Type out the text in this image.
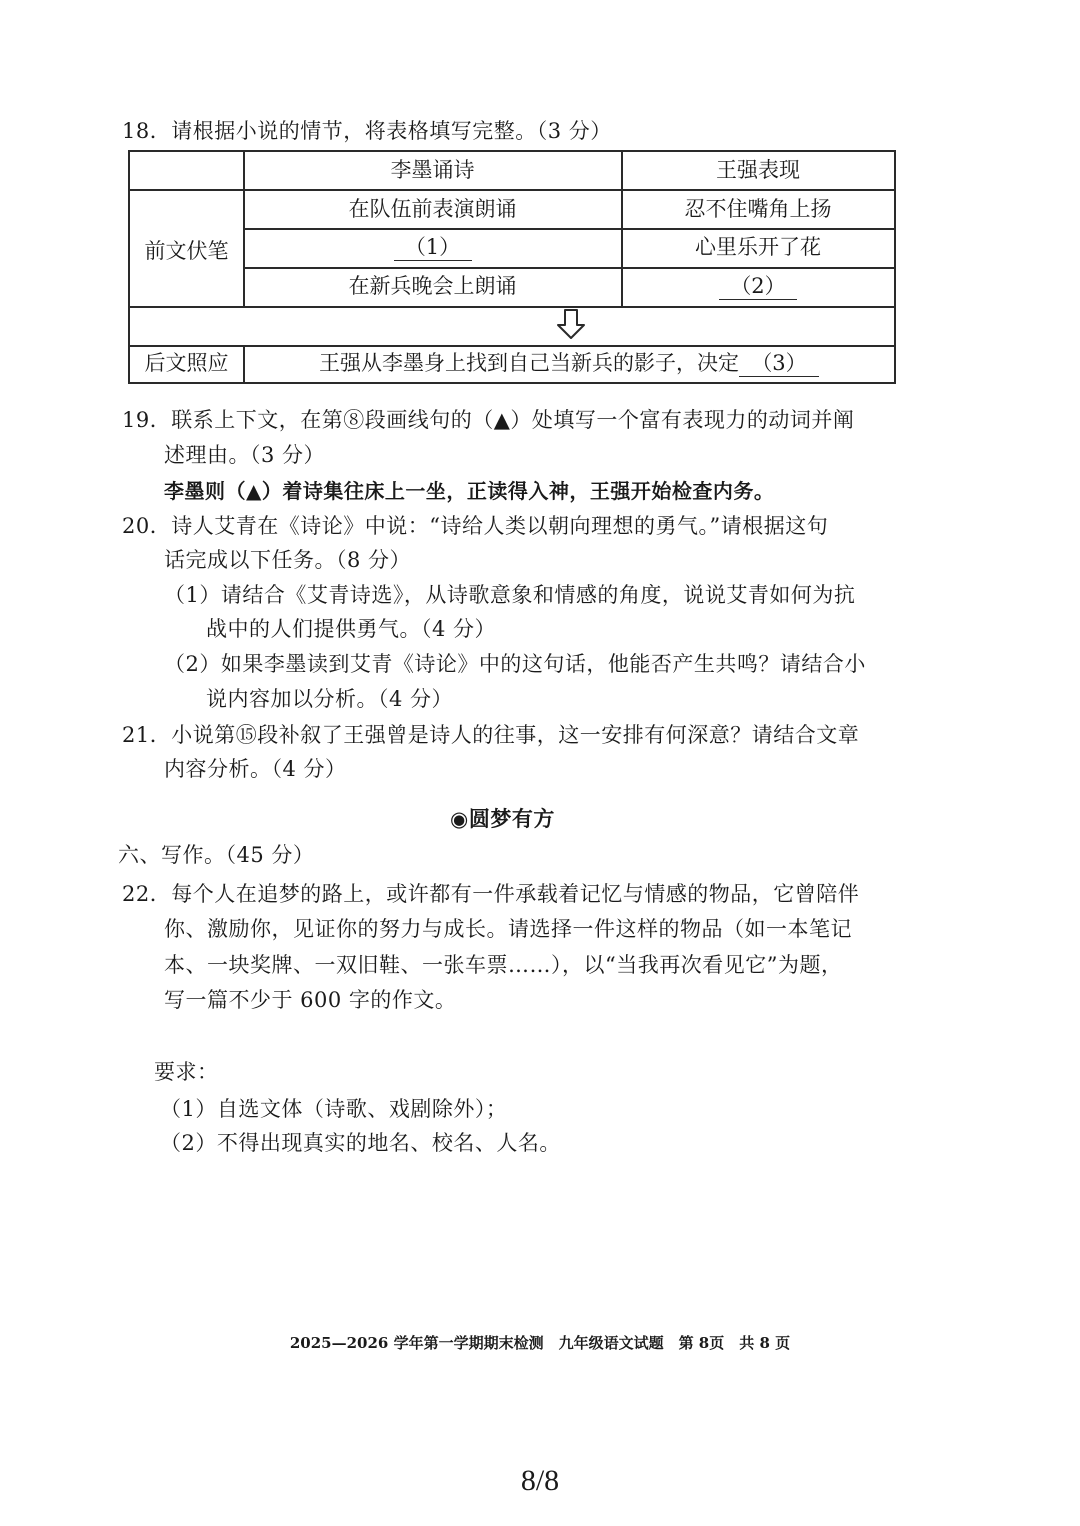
18．请根据小说的情节，将表格填写完整。（3 分）
李墨诵诗	王强表现
前文伏笔
在队伍前表演朗诵	忍不住嘴角上扬
（1）	心里乐开了花
在新兵晚会上朗诵	（2）
后文照应	王强从李墨身上找到自己当新兵的影子，决定 （3）
19．联系上下文，在第⑧段画线句的（▲）处填写一个富有表现力的动词并阐
述理由。（3 分）
李墨则（▲）着诗集往床上一坐，正读得入神，王强开始检查内务。
20．诗人艾青在《诗论》中说：“诗给人类以朝向理想的勇气。”请根据这句
话完成以下任务。（8 分）
（1）请结合《艾青诗选》，从诗歌意象和情感的角度，说说艾青如何为抗
战中的人们提供勇气。（4 分）
（2）如果李墨读到艾青《诗论》中的这句话，他能否产生共鸣？请结合小
说内容加以分析。（4 分）
21．小说第⑮段补叙了王强曾是诗人的往事，这一安排有何深意？请结合文章
内容分析。（4 分）
◉圆梦有方
六、写作。（45 分）
22．每个人在追梦的路上，或许都有一件承载着记忆与情感的物品，它曾陪伴
你、激励你，见证你的努力与成长。请选择一件这样的物品（如一本笔记
本、一块奖牌、一双旧鞋、一张车票……），以“当我再次看见它”为题，
写一篇不少于 600 字的作文。
要求：
（1）自选文体（诗歌、戏剧除外）；
（2）不得出现真实的地名、校名、人名。
2025—2026 学年第一学期期末检测　九年级语文试题　第 8页　共 8 页
8/8
